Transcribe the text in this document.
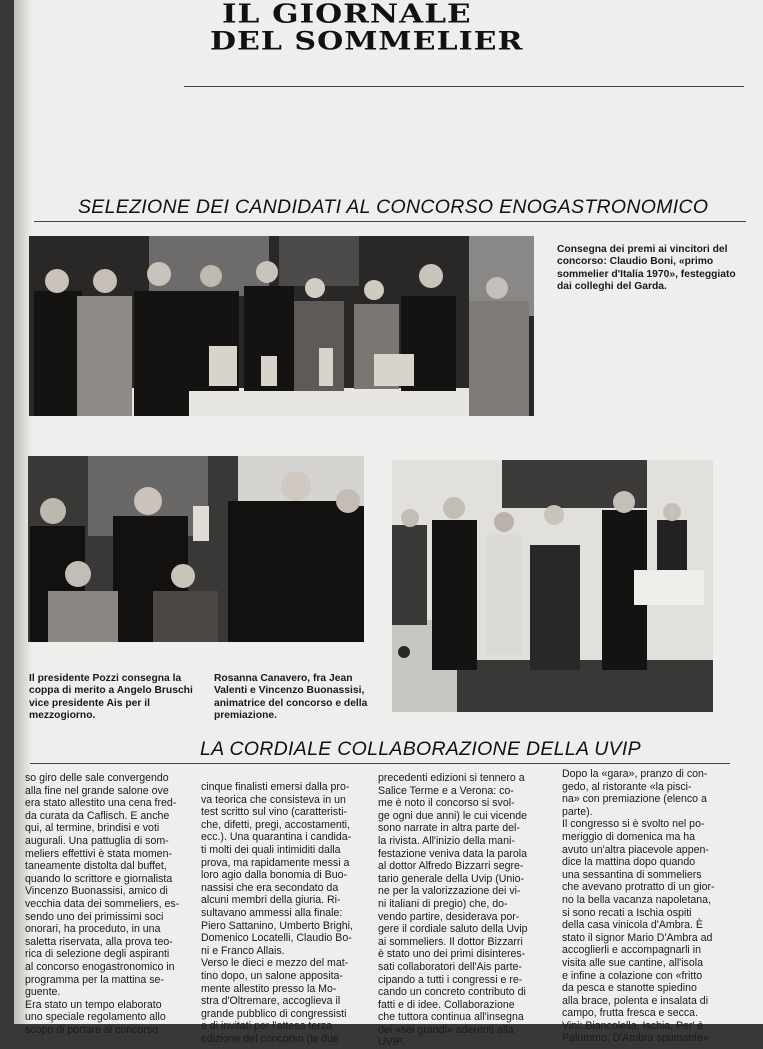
IL GIORNALE
DEL SOMMELIER
SELEZIONE DEI CANDIDATI AL CONCORSO ENOGASTRONOMICO
Consegna dei premi ai vincitori del concorso: Claudio Boni, «primo sommelier d'Italia 1970», festeggiato dai colleghi del Garda.
Il presidente Pozzi consegna la coppa di merito a Angelo Bruschi vice presidente Ais per il mezzogiorno.
Rosanna Canavero, fra Jean Valenti e Vincenzo Buonassisi, animatrice del concorso e della premiazione.
LA CORDIALE COLLABORAZIONE DELLA UVIP
so giro delle sale convergendo
alla fine nel grande salone ove
era stato allestito una cena fred-
da curata da Caflisch. E anche
qui, al termine, brindisi e voti
augurali. Una pattuglia di som-
meliers effettivi è stata momen-
taneamente distolta dal buffet,
quando lo scrittore e giornalista
Vincenzo Buonassisi, amico di
vecchia data dei sommeliers, es-
sendo uno dei primissimi soci
onorari, ha proceduto, in una
saletta riservata, alla prova teo-
rica di selezione degli aspiranti
al concorso enogastronomico in
programma per la mattina se-
guente.
Era stato un tempo elaborato
uno speciale regolamento allo
scopo di portare al concorso
cinque finalisti emersi dalla pro-
va teorica che consisteva in un
test scritto sul vino (caratteristi-
che, difetti, pregi, accostamenti,
ecc.). Una quarantina i candida-
ti molti dei quali intimiditi dalla
prova, ma rapidamente messi a
loro agio dalla bonomia di Buo-
nassisi che era secondato da
alcuni membri della giuria. Ri-
sultavano ammessi alla finale:
Piero Sattanino, Umberto Brighi,
Domenico Locatelli, Claudio Bo-
ni e Franco Allais.
Verso le dieci e mezzo del mat-
tino dopo, un salone apposita-
mente allestito presso la Mo-
stra d'Oltremare, accoglieva il
grande pubblico di congressisti
e di invitati per l'attesa terza
edizione del concorso (le due
precedenti edizioni si tennero a
Salice Terme e a Verona: co-
me è noto il concorso si svol-
ge ogni due anni) le cui vicende
sono narrate in altra parte del-
la rivista. All'inizio della mani-
festazione veniva data la parola
al dottor Alfredo Bizzarri segre-
tario generale della Uvip (Unio-
ne per la valorizzazione dei vi-
ni italiani di pregio) che, do-
vendo partire, desiderava por-
gere il cordiale saluto della Uvip
ai sommeliers. Il dottor Bizzarri
è stato uno dei primi disinteres-
sati collaboratori dell'Ais parte-
cipando a tutti i congressi e re-
cando un concreto contributo di
fatti e di idee. Collaborazione
che tuttora continua all'insegna
dei «sei grandi» aderenti alla
UVIP.
Dopo la «gara», pranzo di con-
gedo, al ristorante «la pisci-
na» con premiazione (elenco a
parte).
Il congresso si è svolto nel po-
meriggio di domenica ma ha
avuto un'altra piacevole appen-
dice la mattina dopo quando
una sessantina di sommeliers
che avevano protratto di un gior-
no la bella vacanza napoletana,
si sono recati a Ischia ospiti
della casa vinicola d'Ambra. È
stato il signor Mario D'Ambra ad
accoglierli e accompagnarli in
visita alle sue cantine, all'isola
e infine a colazione con «fritto
da pesca e stanotte spiedino
alla brace, polenta e insalata di
campo, frutta fresca e secca.
Vini: Biancolella, Ischia, Per' è
Palummo, D'Ambra spumante».
